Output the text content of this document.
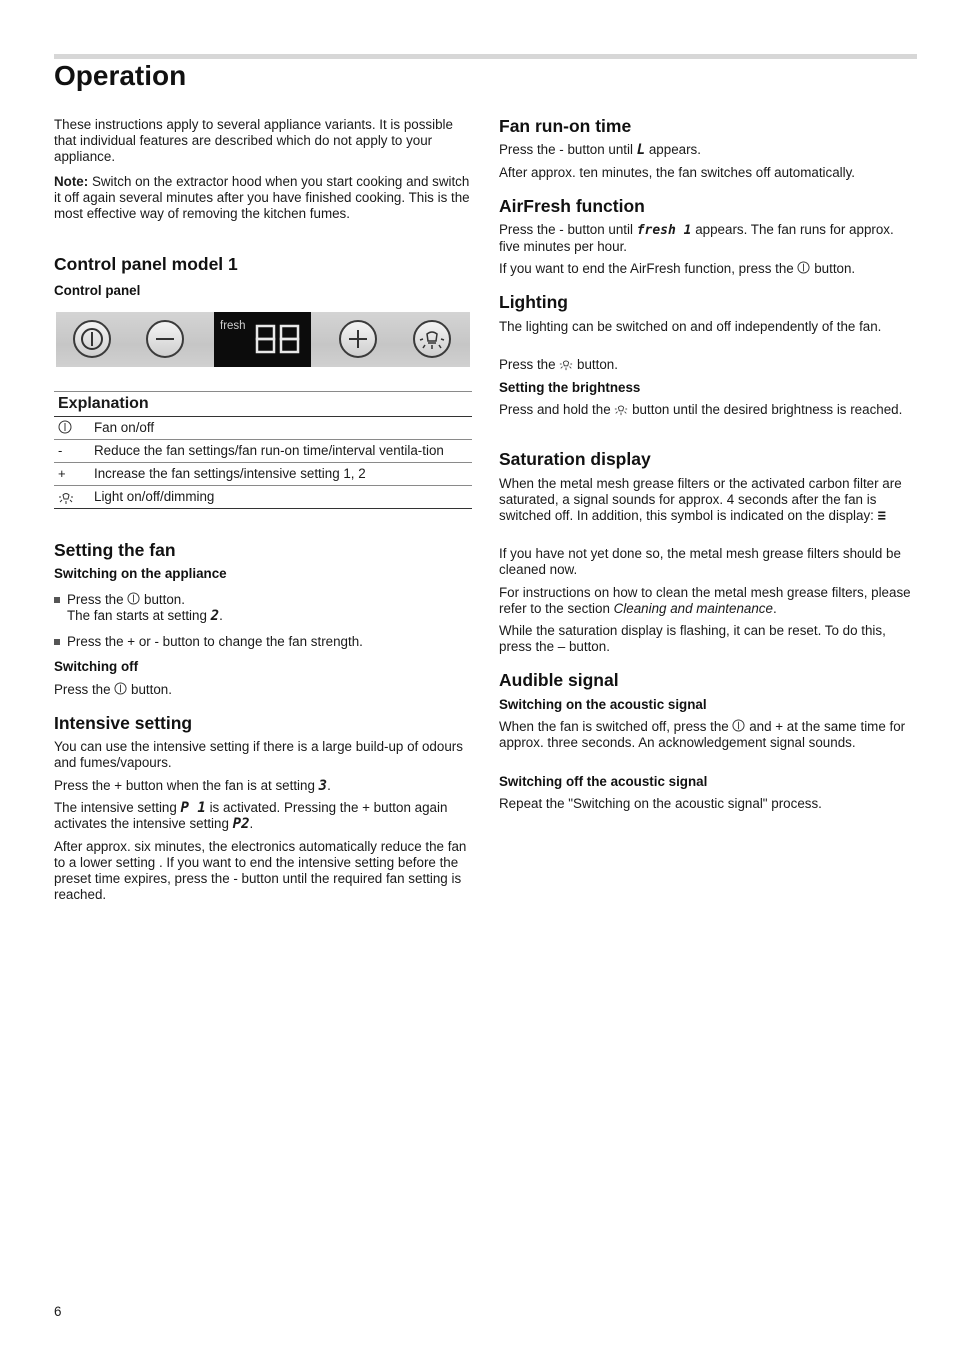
Operation

These instructions apply to several appliance variants. It is possible that individual features are described which do not apply to your appliance.

Note: Switch on the extractor hood when you start cooking and switch it off again several minutes after you have finished cooking. This is the most effective way of removing the kitchen fumes.

Control panel model 1
Control panel
fresh
Explanation
Fan on/off
-	Reduce the fan settings/fan run-on time/interval ventila-tion
+	Increase the fan settings/intensive setting 1, 2
Light on/off/dimming
Setting the fan
Switching on the appliance
Press the  button.
The fan starts at setting 2.
Press the + or - button to change the fan strength.
Switching off

Press the  button.

Intensive setting

You can use the intensive setting if there is a large build-up of odours and fumes/vapours.

Press the + button when the fan is at setting 3.

The intensive setting P 1 is activated. Pressing the + button again activates the intensive setting P2.

After approx. six minutes, the electronics automatically reduce the fan to a lower setting . If you want to end the intensive setting before the preset time expires, press the - button until the required fan setting is reached.

Fan run-on time

Press the - button until L appears.

After approx. ten minutes, the fan switches off automatically.

AirFresh function

Press the - button until fresh 1 appears. The fan runs for approx. five minutes per hour.

If you want to end the AirFresh function, press the  button.

Lighting

The lighting can be switched on and off independently of the fan.

Press the  button.

Setting the brightness

Press and hold the  button until the desired brightness is reached.

Saturation display

When the metal mesh grease filters or the activated carbon filter are saturated, a signal sounds for approx. 4 seconds after the fan is switched off. In addition, this symbol is indicated on the display: ≡

If you have not yet done so, the metal mesh grease filters should be cleaned now.

For instructions on how to clean the metal mesh grease filters, please refer to the section Cleaning and maintenance.

While the saturation display is flashing, it can be reset. To do this, press the – button.

Audible signal
Switching on the acoustic signal

When the fan is switched off, press the  and + at the same time for approx. three seconds. An acknowledgement signal sounds.

Switching off the acoustic signal

Repeat the "Switching on the acoustic signal" process.

6
